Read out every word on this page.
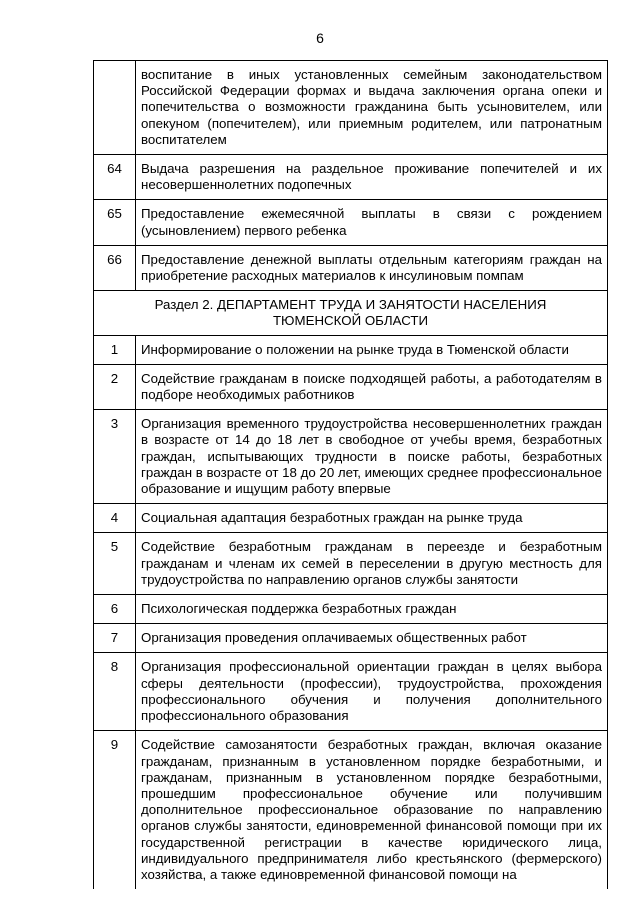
6
	воспитание в иных установленных семейным законодательством Российской Федерации формах и выдача заключения органа опеки и попечительства о возможности гражданина быть усыновителем, или опекуном (попечителем), или приемным родителем, или патронатным воспитателем
64	Выдача разрешения на раздельное проживание попечителей и их несовершеннолетних подопечных
65	Предоставление ежемесячной выплаты в связи с рождением (усыновлением) первого ребенка
66	Предоставление денежной выплаты отдельным категориям граждан на приобретение расходных материалов к инсулиновым помпам
Раздел 2. ДЕПАРТАМЕНТ ТРУДА И ЗАНЯТОСТИ НАСЕЛЕНИЯ ТЮМЕНСКОЙ ОБЛАСТИ	
1	Информирование о положении на рынке труда в Тюменской области
2	Содействие гражданам в поиске подходящей работы, а работодателям в подборе необходимых работников
3	Организация временного трудоустройства несовершеннолетних граждан в возрасте от 14 до 18 лет в свободное от учебы время, безработных граждан, испытывающих трудности в поиске работы, безработных граждан в возрасте от 18 до 20 лет, имеющих среднее профессиональное образование и ищущим работу впервые
4	Социальная адаптация безработных граждан на рынке труда
5	Содействие безработным гражданам в переезде и безработным гражданам и членам их семей в переселении в другую местность для трудоустройства по направлению органов службы занятости
6	Психологическая поддержка безработных граждан
7	Организация проведения оплачиваемых общественных работ
8	Организация профессиональной ориентации граждан в целях выбора сферы деятельности (профессии), трудоустройства, прохождения профессионального обучения и получения дополнительного профессионального образования
9	Содействие самозанятости безработных граждан, включая оказание гражданам, признанным в установленном порядке безработными, и гражданам, признанным в установленном порядке безработными, прошедшим профессиональное обучение или получившим дополнительное профессиональное образование по направлению органов службы занятости, единовременной финансовой помощи при их государственной регистрации в качестве юридического лица, индивидуального предпринимателя либо крестьянского (фермерского) хозяйства, а также единовременной финансовой помощи на
